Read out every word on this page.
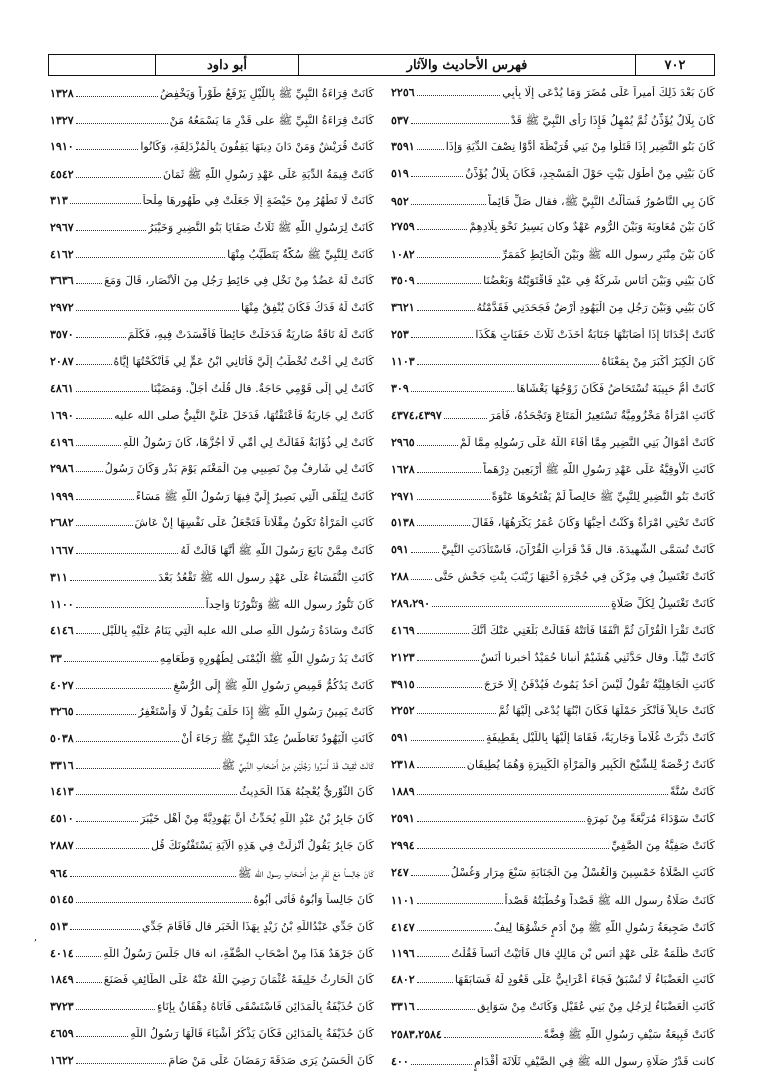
٧٠٢
فهرس الأحاديث والآثار
أبو داود
كَانَ بَعْدَ ذَلِكَ أميراً عَلَى مُضَرَ وَمَا يُدْعَى إِلَّا بِأَبِي
٢٢٥٦
كَانَ بِلَالٌ يُؤَذِّنُ ثُمَّ يُمْهِلُ فَإِذَا رَأَى النَّبِيَّ ﷺ قَدْ
٥٣٧
كَانَ بَنُو النَّضِيرِ إِذَا قَتَلُوا مِنْ بَنِي قُرَيْظَةَ أَدَّوْا نِصْفَ الدِّيَةِ وَإِذَا
٣٥٩١
كَانَ بَيْتِي مِنْ أَطْوَلِ بَيْتٍ حَوْلَ الْمَسْجِدِ، فَكَانَ بِلَالٌ يُؤَذِّنُ
٥١٩
كَانَ بِي النَّاصُورُ فَسَأَلْتُ النَّبِيَّ ﷺ، فقال صَلِّ قَائِماً
٩٥٢
كَانَ بَيْنَ مُعَاوِيَةَ وَبَيْنَ الرُّومِ عَهْدٌ وكان يَسِيرُ نَحْوَ بِلَادِهِمْ
٢٧٥٩
كَانَ بَيْنَ مِنْبَرِ رسول الله ﷺ وبَيْنَ الْحَائِطِ كَمَمَرِّ
١٠٨٢
كَانَ بَيْنِي وَبَيْنَ أُنَاسٍ شَرِكَةٌ فِي عَبْدٍ فَاقْتَوَيْتُهُ وَبَعْضُنَا
٣٥٠٩
كَانَ بَيْنِي وَبَيْنَ رَجُلٍ مِنَ الْيَهُودِ أَرْضٌ فَجَحَدَنِي فَقَدَّمْتُهُ
٣٦٢١
كَانَتْ إِحْدَانَا إِذَا أَصَابَتْهَا جَنَابَةٌ أَخَذَتْ ثَلَاثَ حَفَنَاتٍ هَكَذَا
٢٥٣
كَانَ الْكِبَرُ أَكْبَرَ مِنْ بِمَعْنَاهُ
١١٠٣
كَانَتْ أُمُّ حَبِيبَةَ تُسْتَحَاضُ فَكَانَ زَوْجُهَا يَغْشَاهَا
٣٠٩
كَانَتِ امْرَأَةٌ مَخْزُومِيَّةٌ تَسْتَعِيرُ الْمَتَاعَ وَتَجْحَدُهُ، فَأَمَرَ
٤٣٧٤،٤٣٩٧
كَانَتْ أَمْوَالُ بَنِي النَّضِيرِ مِمَّا أَفَاءَ اللَّهُ عَلَى رَسُولِهِ مِمَّا لَمْ
٢٩٦٥
كَانَتِ الْأُوقِيَّةُ عَلَى عَهْدِ رَسُولِ اللَّهِ ﷺ أَرْبَعِينَ دِرْهَماً
١٦٢٨
كَانَتْ بَنُو النَّضِيرِ لِلنَّبِيِّ ﷺ خَالِصاً لَمْ يَفْتَحُوهَا عَنْوَةً
٢٩٧١
كَانَتْ تَحْتِي امْرَأَةٌ وَكُنْتُ أُحِبُّهَا وَكَانَ عُمَرُ يَكْرَهُهَا، فَقَالَ
٥١٣٨
كَانَتْ تُسَمَّى الشَّهِيدَةَ. قال قَدْ قَرَأَتِ الْقُرْآنَ، فَاسْتَأْذَنَتِ النَّبِيَّ
٥٩١
كَانَتْ تَغْتَسِلُ فِي مِرْكَنٍ فِي حُجْرَةِ أُخْتِهَا زَيْنَبَ بِنْتِ جَحْشٍ حَتَّى
٢٨٨
كَانَتْ تَغْتَسِلُ لِكُلِّ صَلَاةٍ
٢٨٩،٢٩٠
كَانَتْ تَقْرَأُ الْقُرْآنَ ثُمَّ اتَّفَقَا فَأَتَتْهُ فَقَالَتْ بَلَغَنِي عَنْكَ أَنَّكَ
٤١٦٩
كَانَتْ ثَيِّباً. وقال حَدَّثَنِي هُشَيْمٌ أنبانا حُمَيْدٌ أخبرنا أَنَسٌ
٢١٢٣
كَانَتِ الْجَاهِلِيَّةُ تَقُولُ لَيْسَ أَحَدٌ يَمُوتُ فَيُدْفَنُ إِلَّا خَرَجَ
٣٩١٥
كَانَتْ حَابِلاً فَأَنْكَرَ حَمْلَهَا فَكَانَ ابْنُهَا يُدْعَى إِلَيْهَا ثُمَّ
٢٢٥٢
كَانَتْ دَبَّرَتْ غُلَاماً وَجَارِيَةً، فَقَامَا إِلَيْهَا بِاللَّيْلِ بِقَطِيفَةٍ
٥٩١
كَانَتْ رُخْصَةً لِلشَّيْخِ الْكَبِيرِ وَالْمَرْأَةِ الْكَبِيرَةِ وَهُمَا يُطِيقَانِ
٢٣١٨
كَانَتْ سُنَّةً
١٨٨٩
كَانَتْ سَوْدَاءَ مُرَبَّعَةً مِنْ نَمِرَةٍ
٢٥٩١
كَانَتْ صَفِيَّةُ مِنَ الصَّفِيِّ
٢٩٩٤
كَانَتِ الصَّلَاةُ خَمْسِينَ وَالْغُسْلُ مِنَ الْجَنَابَةِ سَبْعَ مِرَارٍ وَغُسْلُ
٢٤٧
كَانَتْ صَلَاةُ رسول الله ﷺ قَصْداً وَخُطْبَتُهُ قَصْداً
١١٠١
كَانَتْ ضَجِيعَةُ رَسُولِ اللَّهِ ﷺ مِنْ أَدَمٍ حَشْوُهَا لِيفٌ
٤١٤٧
كَانَتْ ظُلْمَةٌ عَلَى عَهْدِ أَنَسِ بْنِ مَالِكٍ قال فَأَتَيْتُ أَنَساً فَقُلْتُ
١١٩٦
كَانَتِ الْعَضْبَاءُ لَا تُسْبَقُ فَجَاءَ أَعْرَابِيٌّ عَلَى قَعُودٍ لَهُ فَسَابَقَهَا
٤٨٠٢
كَانَتِ الْعَضْبَاءُ لِرَجُلٍ مِنْ بَنِي عُقَيْلٍ وَكَانَتْ مِنْ سَوَابِقِ
٣٣١٦
كَانَتْ قَبِيعَةُ سَيْفِ رَسُولِ اللَّهِ ﷺ فِضَّةً
٢٥٨٣،٢٥٨٤
كانت قَدْرُ صَلَاةِ رسول الله ﷺ فِي الصَّيْفِ ثَلَاثَةَ أَقْدَامٍ
٤٠٠
كَانَتْ قِرَاءَةُ النَّبِيِّ ﷺ بِاللَّيْلِ يَرْفَعُ طَوْراً وَيَخْفِضُ
١٣٢٨
كَانَتْ قِرَاءَةُ النَّبِيِّ ﷺ على قَدْرِ مَا يَسْمَعُهُ مَنْ
١٣٢٧
كَانَتْ قُرَيْشٌ وَمَنْ دَانَ دِينَهَا يَقِفُونَ بِالْمُزْدَلِفَةِ، وَكَانُوا
١٩١٠
كَانَتْ قِيمَةُ الدِّيَةِ عَلَى عَهْدِ رَسُولِ اللَّهِ ﷺ ثَمَانَ
٤٥٤٢
كَانَتْ لَا تَطْهُرُ مِنْ حَيْضَةٍ إِلَّا جَعَلَتْ فِي طَهُورِهَا مِلْحاً
٣١٣
كَانَتْ لِرَسُولِ اللَّهِ ﷺ ثَلَاثُ صَفَايَا بَنُو النَّضِيرِ وَخَيْبَرُ
٢٩٦٧
كَانَتْ لِلنَّبِيِّ ﷺ سُكَّةٌ يَتَطَيَّبُ مِنْهَا
٤١٦٢
كَانَتْ لَهُ عَضُدٌ مِنْ نَخْلٍ فِي حَائِطِ رَجُلٍ مِنَ الْأَنْصَارِ، قَالَ وَمَعَ
٣٦٣٦
كَانَتْ لَهُ فَدَكُ فَكَانَ يُنْفِقُ مِنْهَا
٢٩٧٢
كَانَتْ لَهُ نَاقَةٌ ضَارِيَةٌ فَدَخَلَتْ حَائِطاً فَأَفْسَدَتْ فِيهِ، فَكَلَّمَ
٣٥٧٠
كَانَتْ لِي أُخْتٌ تُخْطَبُ إِلَيَّ فَأَتَانِي ابْنُ عَمٍّ لِي فَأَنْكَحْتُهَا إِيَّاهُ
٢٠٨٧
كَانَتْ لِي إِلَى قَوْمِي حَاجَةٌ. قال قُلْتُ أَجَلْ. وَمَضَيْنَا
٤٨٦١
كَانَتْ لِي جَارِيَةٌ فَأَعْتَقْتُهَا، فَدَخَلَ عَلَيَّ النَّبِيُّ صلى الله عليه
١٦٩٠
كَانَتْ لِي ذُؤَابَةٌ فَقَالَتْ لِي أُمِّي لَا أَجُزُّهَا، كَانَ رَسُولُ اللَّهِ
٤١٩٦
كَانَتْ لِي شَارِفٌ مِنْ نَصِيبِي مِنَ الْمَغْنَمِ يَوْمَ بَدْرٍ وَكَانَ رَسُولُ
٢٩٨٦
كَانَتْ لِيَلْقَى الَّتِي بَصِيرٌ إِلَيَّ فِيهَا رَسُولُ اللَّهِ ﷺ مَسَاءً
١٩٩٩
كَانَتِ الْمَرْأَةُ تَكُونُ مِقْلَاتاً فَتَجْعَلُ عَلَى نَفْسِهَا إِنْ عَاشَ
٢٦٨٢
كَانَتْ مِمَّنْ بَايَعَ رَسُولَ اللَّهِ ﷺ أَنَّهَا قَالَتْ لَهُ
١٦٦٧
كَانَتِ النُّفَسَاءُ عَلَى عَهْدِ رسول الله ﷺ تَقْعُدُ بَعْدَ
٣١١
كَانَ تَنُّورُ رسول الله ﷺ وَتَنُّورُنَا وَاحِداً
١١٠٠
كَانَتْ وِسَادَةُ رَسُولِ اللَّهِ صلى الله عليه الَّتِي يَنَامُ عَلَيْهِ بِاللَّيْلِ
٤١٤٦
كَانَتْ يَدُ رَسُولِ اللَّهِ ﷺ الْيُمْنَى لِطُهُورِهِ وَطَعَامِهِ
٣٣
كَانَتْ يَدُكُمُّ قَمِيصِ رَسُولِ اللَّهِ ﷺ إِلَى الرُّسْغِ
٤٠٢٧
كَانَتْ يَمِينُ رَسُولِ اللَّهِ ﷺ إِذَا حَلَفَ يَقُولُ لَا وَأَسْتَغْفِرُ
٣٢٦٥
كَانَتِ الْيَهُودُ تَعَاطَسُ عِنْدَ النَّبِيِّ ﷺ رَجَاءَ أَنْ
٥٠٣٨
كَانَتْ ثَقِيفُ قَدْ أَسَرُوا رَجُلَيْنِ مِنْ أَصْحَابِ النَّبِيِّ ﷺ
٣٣١٦
كَانَ الثَّوْرِيُّ يُعْجِبُهُ هَذَا الْحَدِيثُ
١٤١٣
كَانَ جَابِرُ بْنُ عَبْدِ اللَّهِ يُحَدِّثُ أَنَّ يَهُودِيَّةً مِنْ أَهْلِ خَيْبَرَ
٤٥١٠
كَانَ جَابِرٌ يَقُولُ أُنْزِلَتْ فِي هَذِهِ الْآيَةِ يَسْتَفْتُونَكَ قُلِ
٢٨٨٧
كَانَ جَالِساً مَعَ نَفَرٍ مِنْ أَصْحَابِ رسول الله ﷺ
٩٦٤
كَانَ جَالِساً وَأَبُوهُ فَأَتَى أَبُوهُ
٥١٤٥
كَانَ جَدِّي عَبْدُاللَّهِ بْنُ زَيْدٍ بِهَذَا الْخَبَرِ قال فَأَقَامَ جَدِّي
٥١٣
كَانَ جَرْهَدٌ هَذَا مِنْ أَصْحَابِ الصُّفَّةِ، انه قال جَلَسَ رَسُولُ اللَّهِ
٤٠١٤
كَانَ الْحَارِثُ خَلِيفَةَ عُثْمَانَ رَضِيَ اللَّهُ عَنْهُ عَلَى الطَّائِفِ فَصَنَعَ
١٨٤٩
كَانَ حُذَيْفَةُ بِالْمَدَائِنِ فَاسْتَسْقَى فَأَتَاهُ دِهْقَانٌ بِإِنَاءٍ
٣٧٢٣
كَانَ حُذَيْفَةُ بِالْمَدَائِنِ فَكَانَ يَذْكُرُ أَشْيَاءَ قَالَهَا رَسُولُ اللَّهِ
٤٦٥٩
كَانَ الْحَسَنُ يَرَى صَدَقَةَ رَمَضَانَ عَلَى مَنْ صَامَ
١٦٢٢
,
